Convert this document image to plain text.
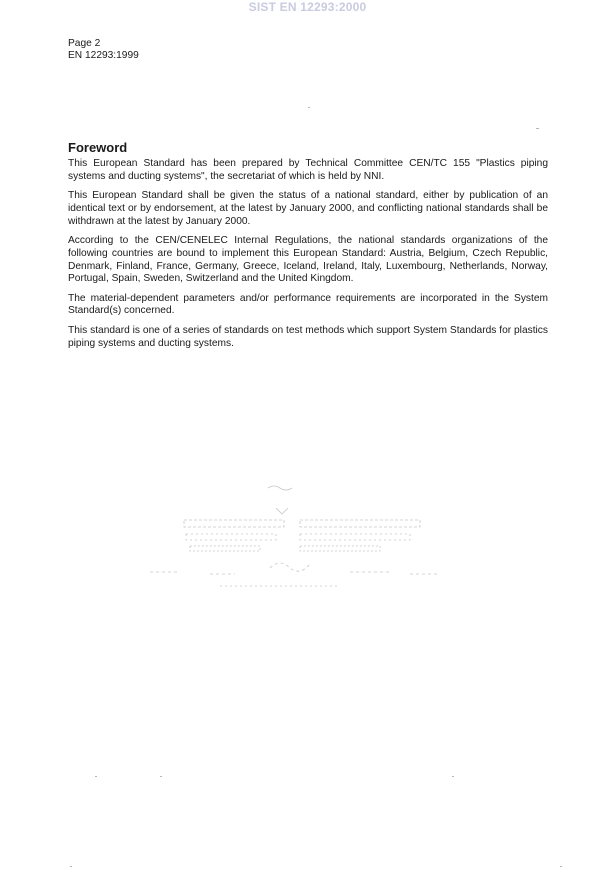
SIST EN 12293:2000
Page 2
EN 12293:1999
Foreword

This European Standard has been prepared by Technical Committee CEN/TC 155 "Plastics piping systems and ducting systems", the secretariat of which is held by NNI.

This European Standard shall be given the status of a national standard, either by publication of an identical text or by endorsement, at the latest by January 2000, and conflicting national standards shall be withdrawn at the latest by January 2000.

According to the CEN/CENELEC Internal Regulations, the national standards organizations of the following countries are bound to implement this European Standard: Austria, Belgium, Czech Republic, Denmark, Finland, France, Germany, Greece, Iceland, Ireland, Italy, Luxembourg, Netherlands, Norway, Portugal, Spain, Sweden, Switzerland and the United Kingdom.

The material-dependent parameters and/or performance requirements are incorporated in the System Standard(s) concerned.

This standard is one of a series of standards on test methods which support System Standards for plastics piping systems and ducting systems.
